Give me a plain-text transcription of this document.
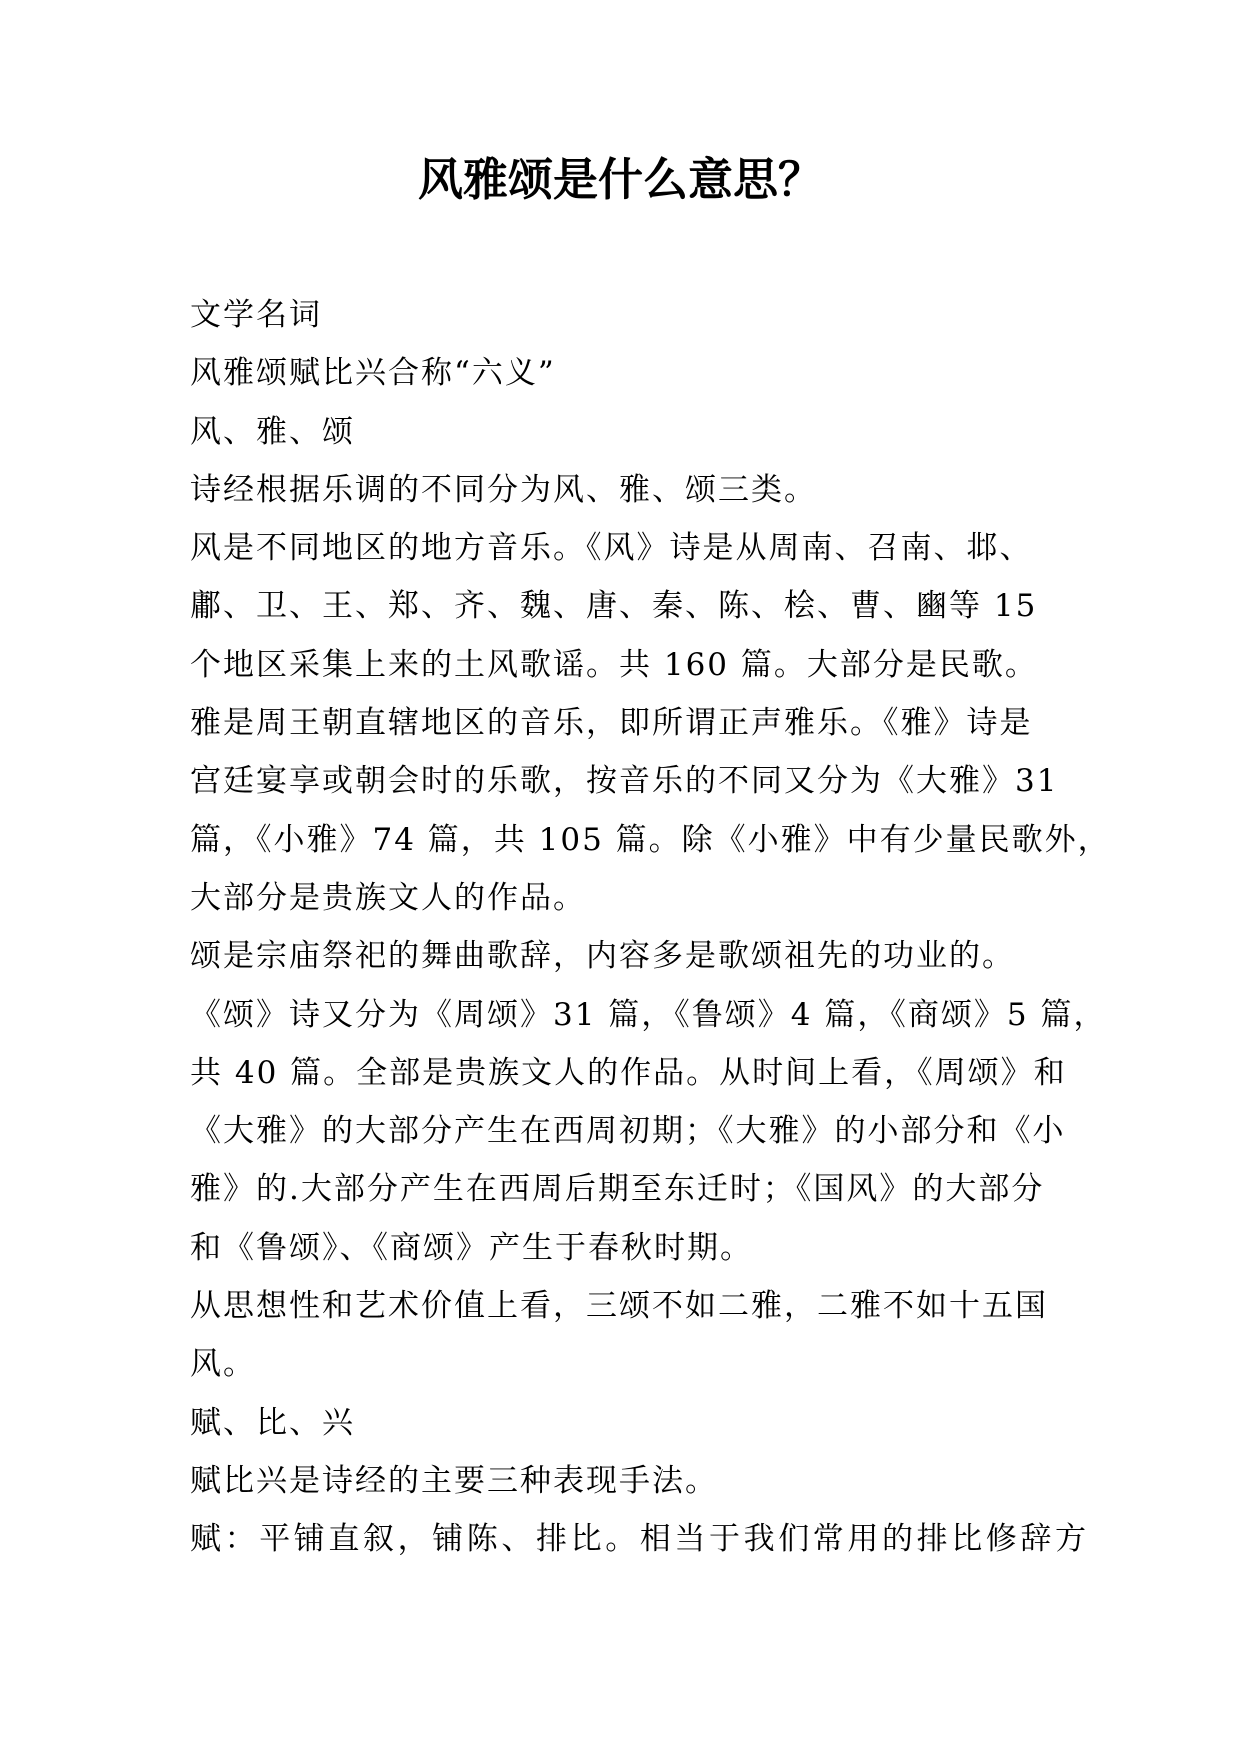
风雅颂是什么意思？

文学名词

风雅颂赋比兴合称“六义”

风、雅、颂

诗经根据乐调的不同分为风、雅、颂三类。

风是不同地区的地方音乐。《风》诗是从周南、召南、邶、

鄘、卫、王、郑、齐、魏、唐、秦、陈、桧、曹、豳等 15

个地区采集上来的土风歌谣。共 160 篇。大部分是民歌。

雅是周王朝直辖地区的音乐，即所谓正声雅乐。《雅》诗是

宫廷宴享或朝会时的乐歌，按音乐的不同又分为《大雅》31

篇，《小雅》74 篇，共 105 篇。除《小雅》中有少量民歌外，

大部分是贵族文人的作品。

颂是宗庙祭祀的舞曲歌辞，内容多是歌颂祖先的功业的。

《颂》诗又分为《周颂》31 篇，《鲁颂》4 篇，《商颂》5 篇，

共 40 篇。全部是贵族文人的作品。从时间上看，《周颂》和

《大雅》的大部分产生在西周初期；《大雅》的小部分和《小

雅》的.大部分产生在西周后期至东迁时；《国风》的大部分

和《鲁颂》、《商颂》产生于春秋时期。

从思想性和艺术价值上看，三颂不如二雅，二雅不如十五国

风。

赋、比、兴

赋比兴是诗经的主要三种表现手法。

赋：平铺直叙，铺陈、排比。相当于我们常用的排比修辞方
